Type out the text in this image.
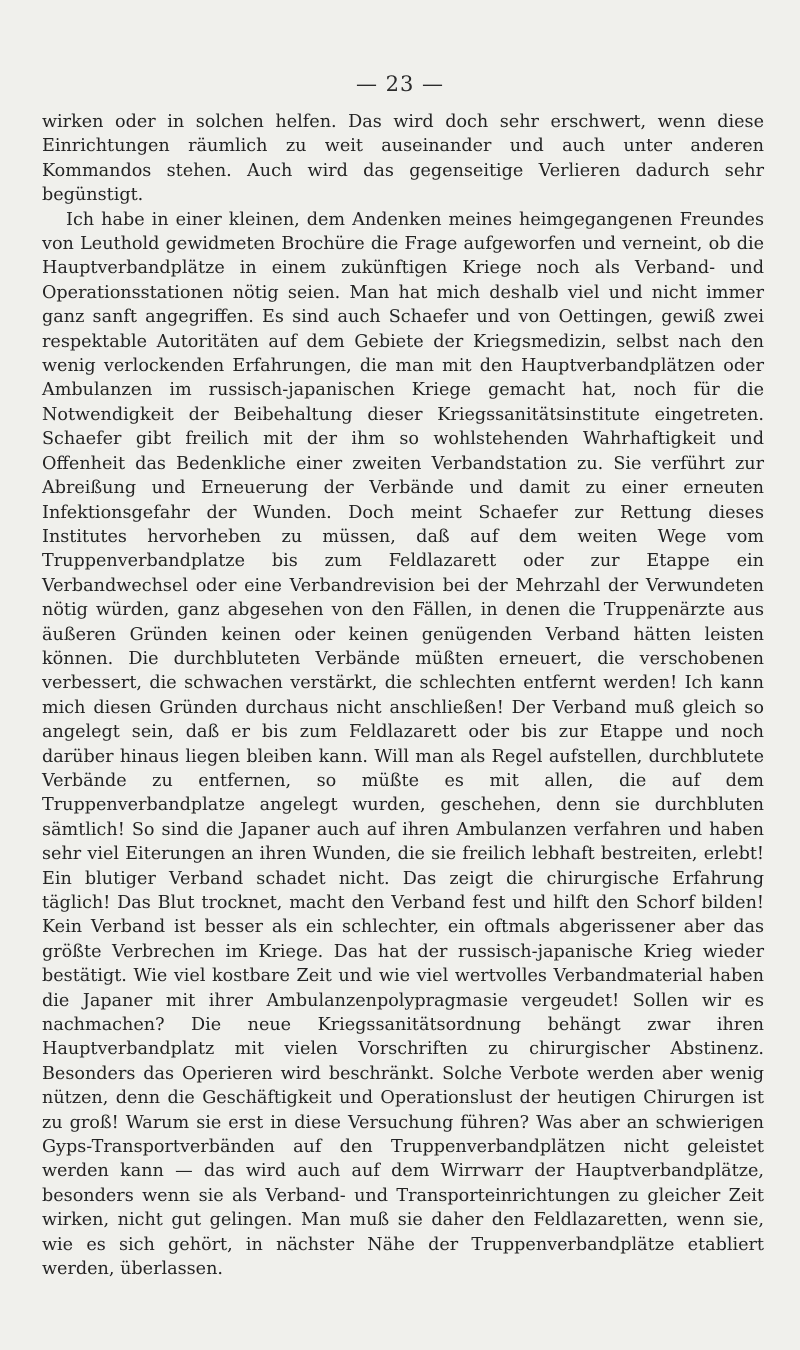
— 23 —

wirken oder in solchen helfen. Das wird doch sehr erschwert, wenn diese Einrichtungen räumlich zu weit auseinander und auch unter anderen Kommandos stehen. Auch wird das gegenseitige Verlieren dadurch sehr begünstigt.

Ich habe in einer kleinen, dem Andenken meines heimgegangenen Freundes von Leuthold gewidmeten Brochüre die Frage aufgeworfen und verneint, ob die Hauptverbandplätze in einem zukünftigen Kriege noch als Verband- und Operationsstationen nötig seien. Man hat mich deshalb viel und nicht immer ganz sanft angegriffen. Es sind auch Schaefer und von Oettingen, gewiß zwei respektable Autoritäten auf dem Gebiete der Kriegsmedizin, selbst nach den wenig verlockenden Erfahrungen, die man mit den Hauptverbandplätzen oder Ambulanzen im russisch-japanischen Kriege gemacht hat, noch für die Notwendigkeit der Beibehaltung dieser Kriegssanitätsinstitute eingetreten. Schaefer gibt freilich mit der ihm so wohlstehenden Wahrhaftigkeit und Offenheit das Bedenkliche einer zweiten Verbandstation zu. Sie verführt zur Abreißung und Erneuerung der Verbände und damit zu einer erneuten Infektionsgefahr der Wunden. Doch meint Schaefer zur Rettung dieses Institutes hervorheben zu müssen, daß auf dem weiten Wege vom Truppenverbandplatze bis zum Feldlazarett oder zur Etappe ein Verbandwechsel oder eine Verbandrevision bei der Mehrzahl der Verwundeten nötig würden, ganz abgesehen von den Fällen, in denen die Truppenärzte aus äußeren Gründen keinen oder keinen genügenden Verband hätten leisten können. Die durchbluteten Verbände müßten erneuert, die verschobenen verbessert, die schwachen verstärkt, die schlechten entfernt werden! Ich kann mich diesen Gründen durchaus nicht anschließen! Der Verband muß gleich so angelegt sein, daß er bis zum Feldlazarett oder bis zur Etappe und noch darüber hinaus liegen bleiben kann. Will man als Regel aufstellen, durchblutete Verbände zu entfernen, so müßte es mit allen, die auf dem Truppenverbandplatze angelegt wurden, geschehen, denn sie durchbluten sämtlich! So sind die Japaner auch auf ihren Ambulanzen verfahren und haben sehr viel Eiterungen an ihren Wunden, die sie freilich lebhaft bestreiten, erlebt! Ein blutiger Verband schadet nicht. Das zeigt die chirurgische Erfahrung täglich! Das Blut trocknet, macht den Verband fest und hilft den Schorf bilden! Kein Verband ist besser als ein schlechter, ein oftmals abgerissener aber das größte Verbrechen im Kriege. Das hat der russisch-japanische Krieg wieder bestätigt. Wie viel kostbare Zeit und wie viel wertvolles Verbandmaterial haben die Japaner mit ihrer Ambulanzenpolypragmasie vergeudet! Sollen wir es nachmachen? Die neue Kriegssanitätsordnung behängt zwar ihren Hauptverbandplatz mit vielen Vorschriften zu chirurgischer Abstinenz. Besonders das Operieren wird beschränkt. Solche Verbote werden aber wenig nützen, denn die Geschäftigkeit und Operationslust der heutigen Chirurgen ist zu groß! Warum sie erst in diese Versuchung führen? Was aber an schwierigen Gyps-Transportverbänden auf den Truppenverbandplätzen nicht geleistet werden kann — das wird auch auf dem Wirrwarr der Hauptverbandplätze, besonders wenn sie als Verband- und Transporteinrichtungen zu gleicher Zeit wirken, nicht gut gelingen. Man muß sie daher den Feldlazaretten, wenn sie, wie es sich gehört, in nächster Nähe der Truppenverbandplätze etabliert werden, überlassen.
